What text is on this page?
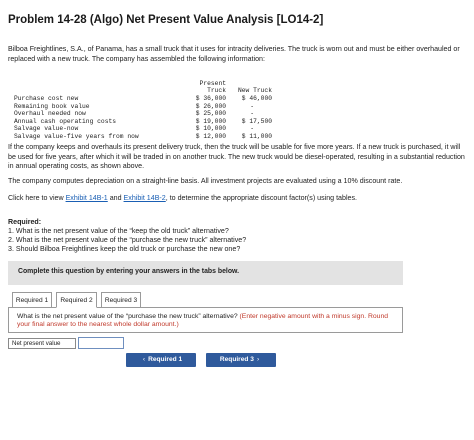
Problem 14-28 (Algo) Net Present Value Analysis [LO14-2]
Bilboa Freightlines, S.A., of Panama, has a small truck that it uses for intracity deliveries. The truck is worn out and must be either overhauled or replaced with a new truck. The company has assembled the following information:
Present
Truck	New Truck
Purchase cost new	$ 36,000	$ 46,000
Remaining book value	$ 26,000	-
Overhaul needed now	$ 25,000	-
Annual cash operating costs	$ 19,000	$ 17,500
Salvage value-now	$ 10,000	-
Salvage value-five years from now	$ 12,000	$ 11,000
If the company keeps and overhauls its present delivery truck, then the truck will be usable for five more years. If a new truck is purchased, it will be used for five years, after which it will be traded in on another truck. The new truck would be diesel-operated, resulting in a substantial reduction in annual operating costs, as shown above.
The company computes depreciation on a straight-line basis. All investment projects are evaluated using a 10% discount rate.
Click here to view Exhibit 14B-1 and Exhibit 14B-2, to determine the appropriate discount factor(s) using tables.
Required:
1. What is the net present value of the “keep the old truck” alternative?
2. What is the net present value of the “purchase the new truck” alternative?
3. Should Bilboa Freightlines keep the old truck or purchase the new one?
Complete this question by entering your answers in the tabs below.
Required 1	Required 2	Required 3
What is the net present value of the “purchase the new truck” alternative? (Enter negative amount with a minus sign. Round your final answer to the nearest whole dollar amount.)
Net present value
‹ Required 1	Required 3 ›
